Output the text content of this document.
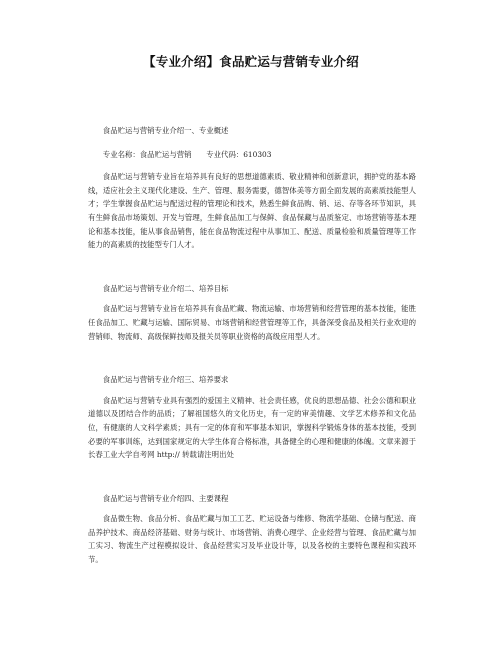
【专业介绍】食品贮运与营销专业介绍

食品贮运与营销专业介绍一、专业概述

专业名称：食品贮运与营销　　专业代码：610303

食品贮运与营销专业旨在培养具有良好的思想道德素质、敬业精神和创新意识，拥护党的基本路线，适应社会主义现代化建设、生产、管理、服务需要，德智体美等方面全面发展的高素质技能型人才；学生掌握食品贮运与配送过程的管理论和技术，熟悉生鲜食品购、销、运、存等各环节知识，具有生鲜食品市场策划、开发与管理，生鲜食品加工与保鲜、食品保藏与品质鉴定、市场营销等基本理论和基本技能，能从事食品销售，能在食品物流过程中从事加工、配送、质量检验和质量管理等工作能力的高素质的技能型专门人才。

食品贮运与营销专业介绍二、培养目标

食品贮运与营销专业旨在培养具有食品贮藏、物流运输、市场营销和经营管理的基本技能，能胜任食品加工、贮藏与运输、国际贸易、市场营销和经营管理等工作，具备深受食品及相关行业欢迎的营销师、物流师、高级保鲜技师及报关员等职业资格的高级应用型人才。

食品贮运与营销专业介绍三、培养要求

食品贮运与营销专业具有强烈的爱国主义精神、社会责任感，优良的思想品德、社会公德和职业道德以及团结合作的品质；了解祖国悠久的文化历史，有一定的审美情趣、文学艺术修养和文化品位，有健康的人文科学素质；具有一定的体育和军事基本知识，掌握科学锻炼身体的基本技能，受到必要的军事训练，达到国家规定的大学生体育合格标准，具备健全的心理和健康的体魄。文章来源于长春工业大学自考网 http:// 转载请注明出处

食品贮运与营销专业介绍四、主要课程

食品微生物、食品分析、食品贮藏与加工工艺、贮运设备与维修、物流学基础、仓储与配送、商品养护技术、商品经济基础、财务与统计、市场营销、消费心理学、企业经营与管理、食品贮藏与加工实习、物流生产过程模拟设计、食品经营实习及毕业设计等，以及各校的主要特色课程和实践环节。
